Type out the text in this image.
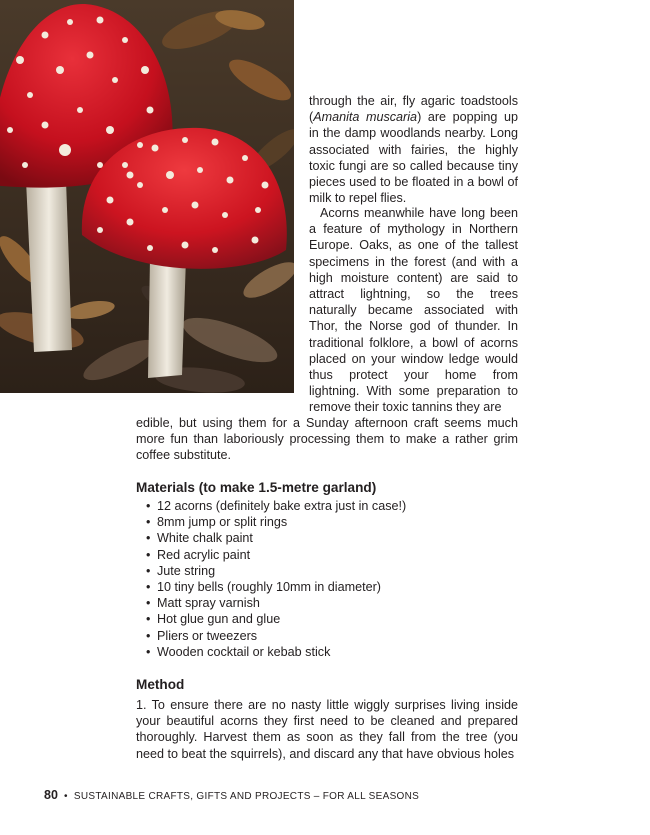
through the air, fly agaric toadstools (Amanita muscaria) are popping up in the damp woodlands nearby. Long associated with fairies, the highly toxic fungi are so called because tiny pieces used to be floated in a bowl of milk to repel flies.

Acorns meanwhile have long been a feature of mythology in Northern Europe. Oaks, as one of the tallest specimens in the forest (and with a high moisture content) are said to attract lightning, so the trees naturally became associated with Thor, the Norse god of thunder. In traditional folklore, a bowl of acorns placed on your window ledge would thus protect your home from lightning. With some preparation to remove their toxic tannins they are

edible, but using them for a Sunday afternoon craft seems much more fun than laboriously processing them to make a rather grim coffee substitute.

Materials (to make 1.5-metre garland)
• 12 acorns (definitely bake extra just in case!)
• 8mm jump or split rings
• White chalk paint
• Red acrylic paint
• Jute string
• 10 tiny bells (roughly 10mm in diameter)
• Matt spray varnish
• Hot glue gun and glue
• Pliers or tweezers
• Wooden cocktail or kebab stick
Method

1. To ensure there are no nasty little wiggly surprises living inside your beautiful acorns they first need to be cleaned and prepared thoroughly. Harvest them as soon as they fall from the tree (you need to beat the squirrels), and discard any that have obvious holes

80 • SUSTAINABLE CRAFTS, GIFTS AND PROJECTS – FOR ALL SEASONS
